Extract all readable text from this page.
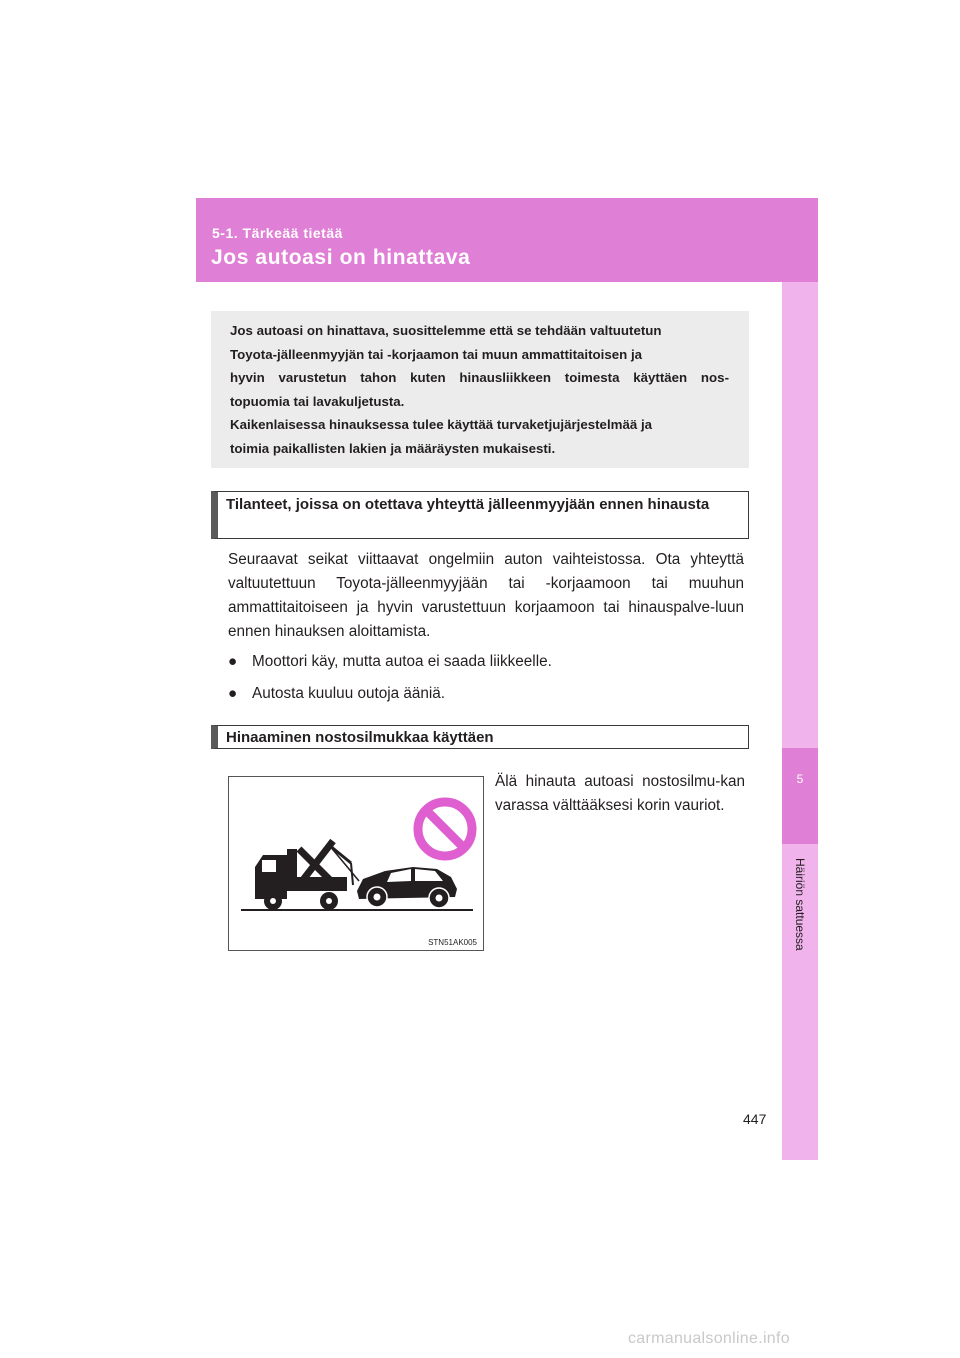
5-1. Tärkeää tietää
Jos autoasi on hinattava
5
Häiriön sattuessa

Jos autoasi on hinattava, suosittelemme että se tehdään valtuutetun

Toyota-jälleenmyyjän tai -korjaamon tai muun ammattitaitoisen ja

hyvin varustetun tahon kuten hinausliikkeen toimesta käyttäen nos-

topuomia tai lavakuljetusta.

Kaikenlaisessa hinauksessa tulee käyttää turvaketjujärjestelmää ja

toimia paikallisten lakien ja määräysten mukaisesti.

Tilanteet, joissa on otettava yhteyttä jälleenmyyjään ennen hinausta

Seuraavat seikat viittaavat ongelmiin auton vaihteistossa. Ota yhteyttä valtuutettuun Toyota-jälleenmyyjään tai -korjaamoon tai muuhun ammattitaitoiseen ja hyvin varustettuun korjaamoon tai hinauspalve-luun ennen hinauksen aloittamista.

● Moottori käy, mutta autoa ei saada liikkeelle.
● Autosta kuuluu outoja ääniä.
Hinaaminen nostosilmukkaa käyttäen
STN51AK005

Älä hinauta autoasi nostosilmu-kan varassa välttääksesi korin vauriot.

447
carmanualsonline.info
